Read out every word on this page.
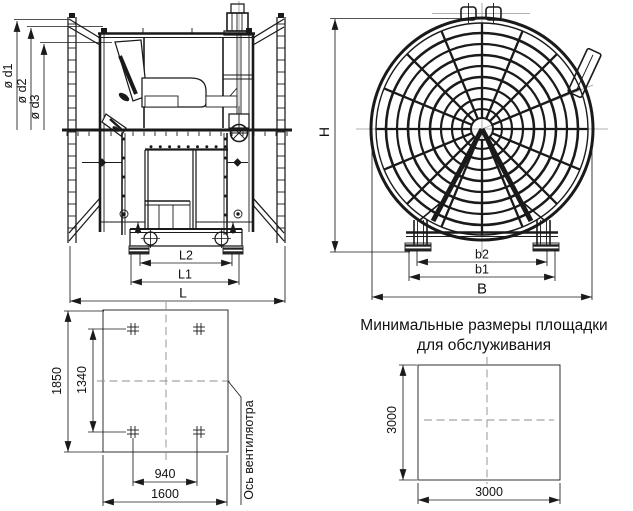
ø d1
ø d2
ø d3
L2
L1
L
H
b2
b1
B
1850 1340
940
1600	Ось вентиляотра
Минимальные размеры площадки
для обслуживания
3000
3000
